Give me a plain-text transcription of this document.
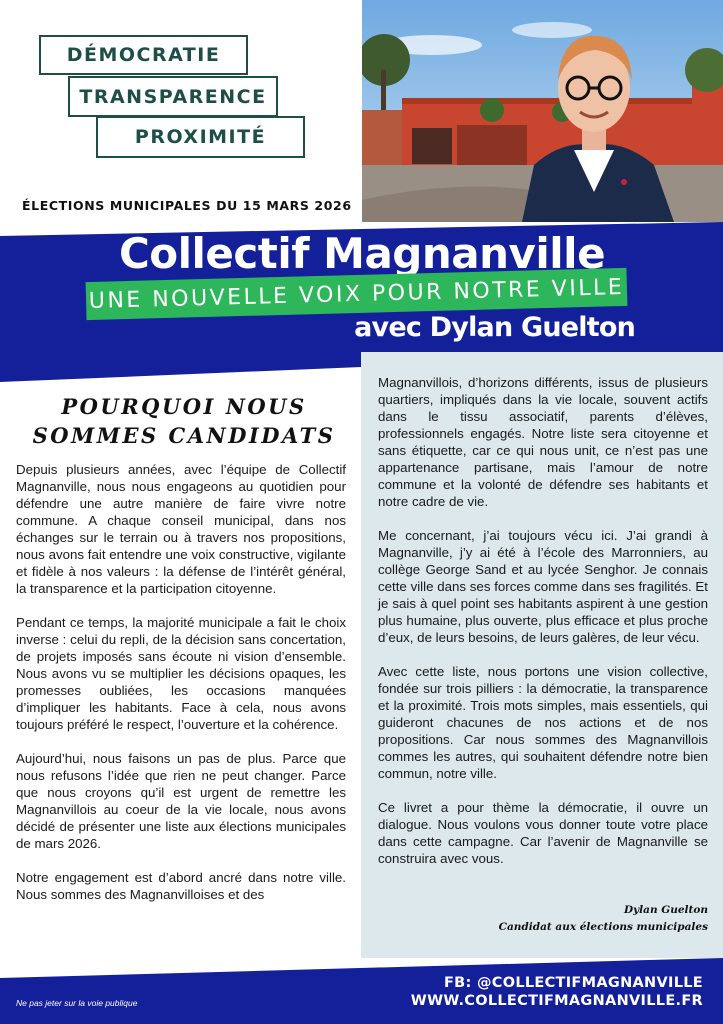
DÉMOCRATIE
TRANSPARENCE
PROXIMITÉ
ÉLECTIONS MUNICIPALES DU 15 MARS 2026
Collectif Magnanville
UNE NOUVELLE VOIX POUR NOTRE VILLE
avec Dylan Guelton
POURQUOI NOUS SOMMES CANDIDATS

Depuis plusieurs années, avec l’équipe de Collectif Magnanville, nous nous engageons au quotidien pour défendre une autre manière de faire vivre notre commune. A chaque conseil municipal, dans nos échanges sur le terrain ou à travers nos propositions, nous avons fait entendre une voix constructive, vigilante et fidèle à nos valeurs : la défense de l’intérêt général, la transparence et la participation citoyenne.

Pendant ce temps, la majorité municipale a fait le choix inverse : celui du repli, de la décision sans concertation, de projets imposés sans écoute ni vision d’ensemble. Nous avons vu se multiplier les décisions opaques, les promesses oubliées, les occasions manquées d’impliquer les habitants. Face à cela, nous avons toujours préféré le respect, l’ouverture et la cohérence.

Aujourd’hui, nous faisons un pas de plus. Parce que nous refusons l’idée que rien ne peut changer. Parce que nous croyons qu’il est urgent de remettre les Magnanvillois au coeur de la vie locale, nous avons décidé de présenter une liste aux élections municipales de mars 2026.

Notre engagement est d’abord ancré dans notre ville. Nous sommes des Magnanvilloises et des

Magnanvillois, d’horizons différents, issus de plusieurs quartiers, impliqués dans la vie locale, souvent actifs dans le tissu associatif, parents d’élèves, professionnels engagés. Notre liste sera citoyenne et sans étiquette, car ce qui nous unit, ce n’est pas une appartenance partisane, mais l’amour de notre commune et la volonté de défendre ses habitants et notre cadre de vie.

Me concernant, j’ai toujours vécu ici. J’ai grandi à Magnanville, j’y ai été à l’école des Marronniers, au collège George Sand et au lycée Senghor. Je connais cette ville dans ses forces comme dans ses fragilités. Et je sais à quel point ses habitants aspirent à une gestion plus humaine, plus ouverte, plus efficace et plus proche d’eux, de leurs besoins, de leurs galères, de leur vécu.

Avec cette liste, nous portons une vision collective, fondée sur trois pilliers : la démocratie, la transparence et la proximité. Trois mots simples, mais essentiels, qui guideront chacunes de nos actions et de nos propositions. Car nous sommes des Magnanvillois commes les autres, qui souhaitent défendre notre bien commun, notre ville.

Ce livret a pour thème la démocratie, il ouvre un dialogue. Nous voulons vous donner toute votre place dans cette campagne. Car l’avenir de Magnanville se construira avec vous.

Dylan Guelton
Candidat aux élections municipales
Ne pas jeter sur la voie publique
FB: @COLLECTIFMAGNANVILLE
WWW.COLLECTIFMAGNANVILLE.FR
